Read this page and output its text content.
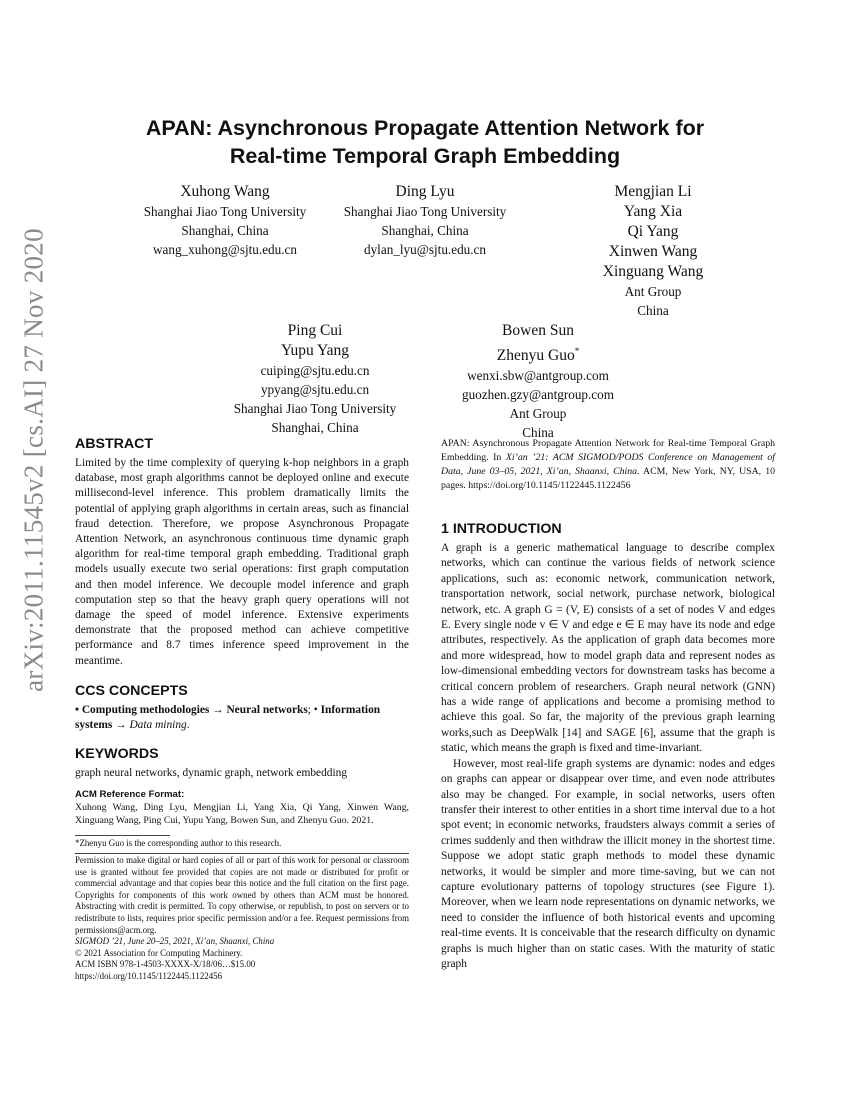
arXiv:2011.11545v2 [cs.AI] 27 Nov 2020
APAN: Asynchronous Propagate Attention Network for
Real-time Temporal Graph Embedding
Xuhong Wang
Shanghai Jiao Tong University
Shanghai, China
wang_xuhong@sjtu.edu.cn
Ding Lyu
Shanghai Jiao Tong University
Shanghai, China
dylan_lyu@sjtu.edu.cn
Mengjian Li
Yang Xia
Qi Yang
Xinwen Wang
Xinguang Wang
Ant Group
China
Ping Cui
Yupu Yang
cuiping@sjtu.edu.cn
ypyang@sjtu.edu.cn
Shanghai Jiao Tong University
Shanghai, China
Bowen Sun
Zhenyu Guo*
wenxi.sbw@antgroup.com
guozhen.gzy@antgroup.com
Ant Group
China
ABSTRACT
Limited by the time complexity of querying k-hop neighbors in a graph database, most graph algorithms cannot be deployed online and execute millisecond-level inference. This problem dramatically limits the potential of applying graph algorithms in certain areas, such as financial fraud detection. Therefore, we propose Asynchronous Propagate Attention Network, an asynchronous continuous time dynamic graph algorithm for real-time temporal graph embedding. Traditional graph models usually execute two serial operations: first graph computation and then model inference. We decouple model inference and graph computation step so that the heavy graph query operations will not damage the speed of model inference. Extensive experiments demonstrate that the proposed method can achieve competitive performance and 8.7 times inference speed improvement in the meantime.
CCS CONCEPTS
• Computing methodologies → Neural networks; • Information systems → Data mining.
KEYWORDS
graph neural networks, dynamic graph, network embedding
ACM Reference Format:
Xuhong Wang, Ding Lyu, Mengjian Li, Yang Xia, Qi Yang, Xinwen Wang, Xinguang Wang, Ping Cui, Yupu Yang, Bowen Sun, and Zhenyu Guo. 2021.
*Zhenyu Guo is the corresponding author to this research.
Permission to make digital or hard copies of all or part of this work for personal or classroom use is granted without fee provided that copies are not made or distributed for profit or commercial advantage and that copies bear this notice and the full citation on the first page. Copyrights for components of this work owned by others than ACM must be honored. Abstracting with credit is permitted. To copy otherwise, or republish, to post on servers or to redistribute to lists, requires prior specific permission and/or a fee. Request permissions from permissions@acm.org.
SIGMOD ’21, June 20–25, 2021, Xi’an, Shaanxi, China
© 2021 Association for Computing Machinery.
ACM ISBN 978-1-4503-XXXX-X/18/06…$15.00
https://doi.org/10.1145/1122445.1122456
APAN: Asynchronous Propagate Attention Network for Real-time Temporal Graph Embedding. In Xi’an ’21: ACM SIGMOD/PODS Conference on Management of Data, June 03–05, 2021, Xi’an, Shaanxi, China. ACM, New York, NY, USA, 10 pages. https://doi.org/10.1145/1122445.1122456
1 INTRODUCTION
A graph is a generic mathematical language to describe complex networks, which can continue the various fields of network science applications, such as: economic network, communication network, transportation network, social network, purchase network, biological network, etc. A graph G = (V, E) consists of a set of nodes V and edges E. Every single node v ∈ V and edge e ∈ E may have its node and edge attributes, respectively. As the application of graph data becomes more and more widespread, how to model graph data and represent nodes as low-dimensional embedding vectors for downstream tasks has become a critical concern problem of researchers. Graph neural network (GNN) has a wide range of applications and become a promising method to achieve this goal. So far, the majority of the previous graph learning works,such as DeepWalk [14] and SAGE [6], assume that the graph is static, which means the graph is fixed and time-invariant.
However, most real-life graph systems are dynamic: nodes and edges on graphs can appear or disappear over time, and even node attributes also may be changed. For example, in social networks, users often transfer their interest to other entities in a short time interval due to a hot spot event; in economic networks, fraudsters always commit a series of crimes suddenly and then withdraw the illicit money in the shortest time. Suppose we adopt static graph methods to model these dynamic networks, it would be simpler and more time-saving, but we can not capture evolutionary patterns of topology structures (see Figure 1). Moreover, when we learn node representations on dynamic networks, we need to consider the influence of both historical events and upcoming real-time events. It is conceivable that the research difficulty on dynamic graphs is much higher than on static cases. With the maturity of static graph
